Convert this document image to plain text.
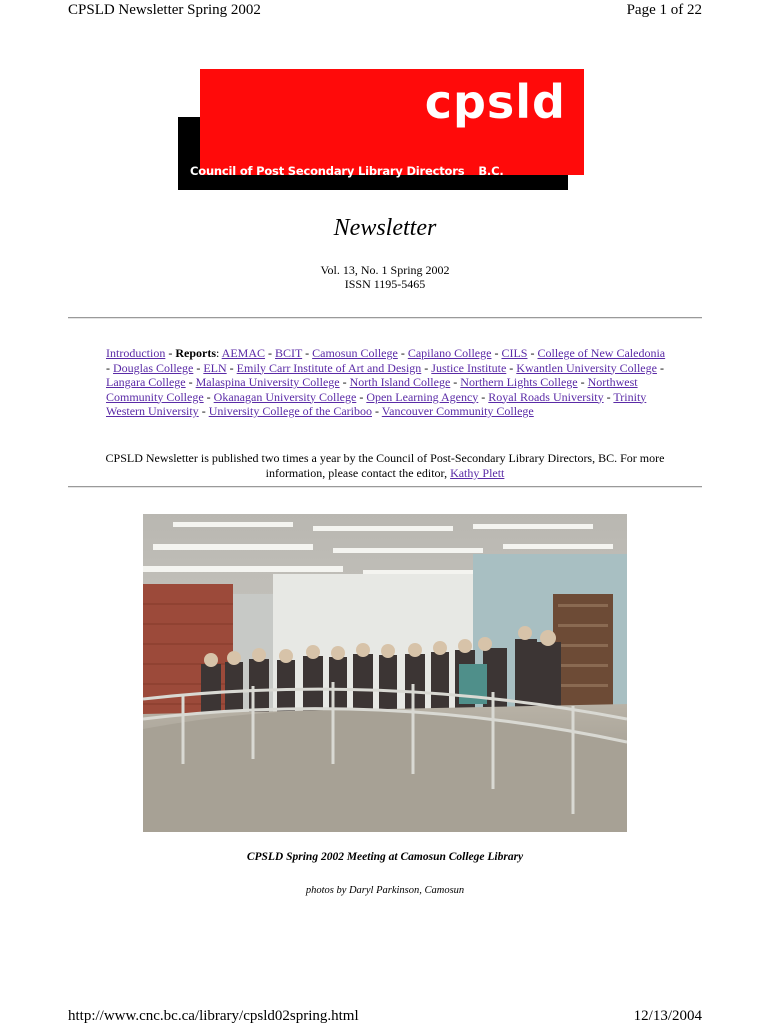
CPSLD Newsletter Spring 2002	Page 1 of 22
cpsld
Council of Post Secondary Library Directors B.C.
Newsletter
Vol. 13, No. 1 Spring 2002
ISSN 1195-5465
Introduction - Reports: AEMAC - BCIT - Camosun College - Capilano College - CILS - College of New Caledonia - Douglas College - ELN - Emily Carr Institute of Art and Design - Justice Institute - Kwantlen University College - Langara College - Malaspina University College - North Island College - Northern Lights College - Northwest Community College - Okanagan University College - Open Learning Agency - Royal Roads University - Trinity Western University - University College of the Cariboo - Vancouver Community College
CPSLD Newsletter is published two times a year by the Council of Post-Secondary Library Directors, BC. For more information, please contact the editor, Kathy Plett
CPSLD Spring 2002 Meeting at Camosun College Library
photos by Daryl Parkinson, Camosun
http://www.cnc.bc.ca/library/cpsld02spring.html	12/13/2004
